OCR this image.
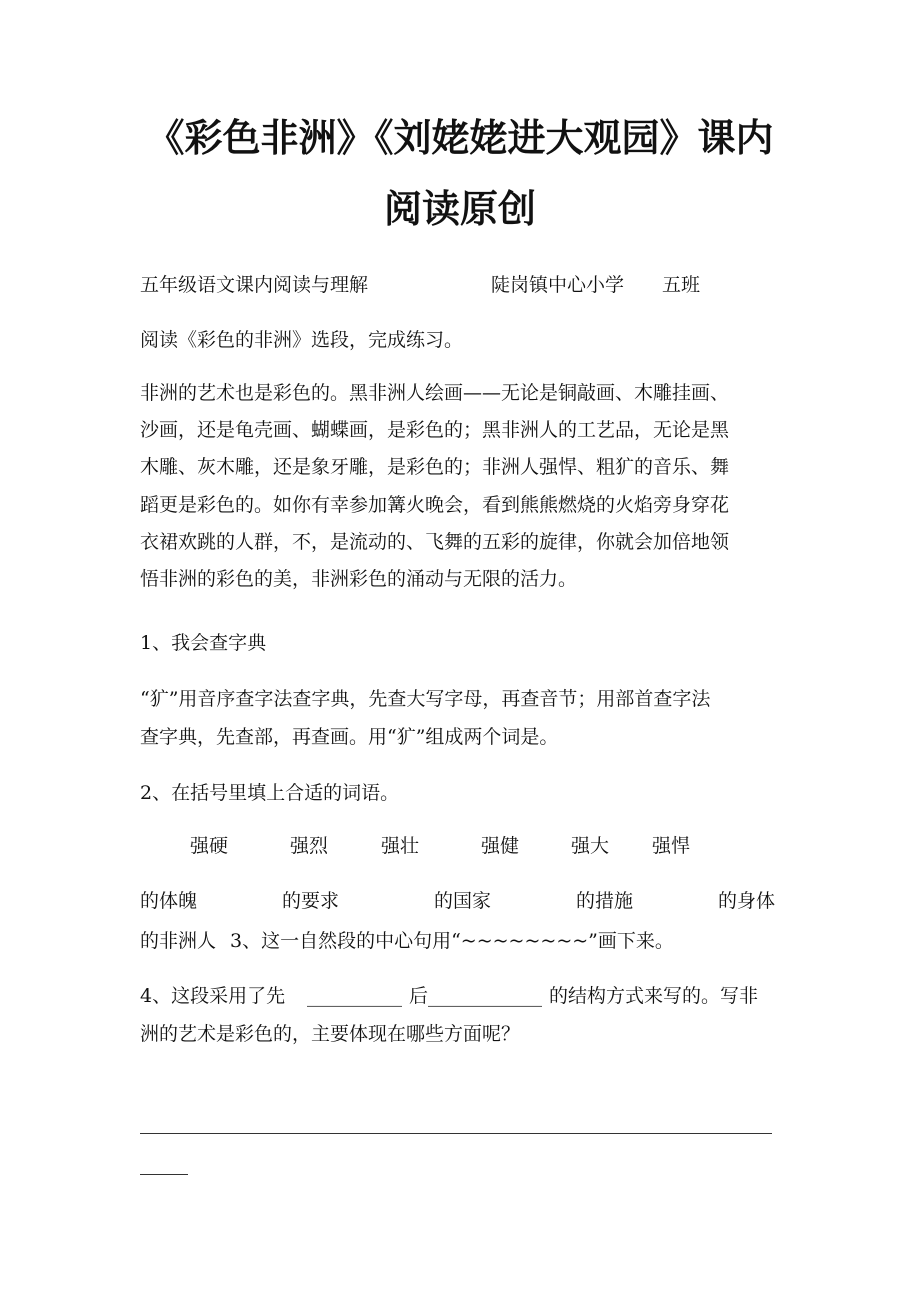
《彩色非洲》《刘姥姥进大观园》课内
阅读原创
五年级语文课内阅读与理解	陡岗镇中心小学 五班
阅读《彩色的非洲》选段，完成练习。
非洲的艺术也是彩色的。黑非洲人绘画——无论是铜敲画、木雕挂画、
沙画，还是龟壳画、蝴蝶画，是彩色的；黑非洲人的工艺品，无论是黑
木雕、灰木雕，还是象牙雕，是彩色的；非洲人强悍、粗犷的音乐、舞
蹈更是彩色的。如你有幸参加篝火晚会，看到熊熊燃烧的火焰旁身穿花
衣裙欢跳的人群，不，是流动的、飞舞的五彩的旋律，你就会加倍地领
悟非洲的彩色的美，非洲彩色的涌动与无限的活力。
1、我会查字典
“犷”用音序查字法查字典，先查大写字母，再查音节；用部首查字法
查字典，先查部，再查画。用“犷”组成两个词是。
2、在括号里填上合适的词语。
强硬	强烈	强壮	强健	强大 强悍
的体魄	的要求	的国家	的措施	的身体
的非洲人 3、这一自然段的中心句用“~~~~~~~~”画下来。
4、这段采用了先 __________ 后 ____________ 的结构方式来写的。写非
洲的艺术是彩色的，主要体现在哪些方面呢？
